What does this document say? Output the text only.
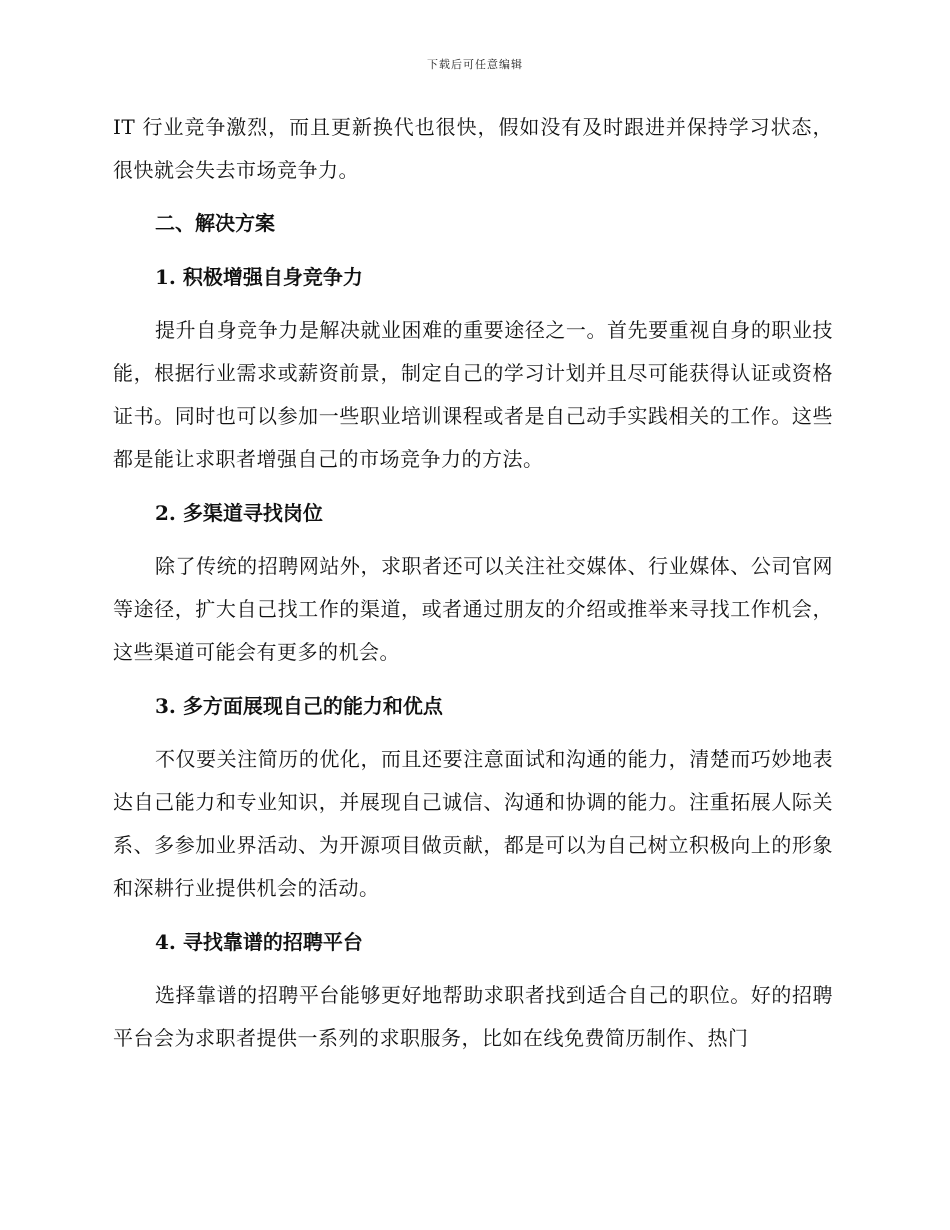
下载后可任意编辑

IT 行业竞争激烈，而且更新换代也很快，假如没有及时跟进并保持学习状态，很快就会失去市场竞争力。

二、解决方案
1. 积极增强自身竞争力

提升自身竞争力是解决就业困难的重要途径之一。首先要重视自身的职业技能，根据行业需求或薪资前景，制定自己的学习计划并且尽可能获得认证或资格证书。同时也可以参加一些职业培训课程或者是自己动手实践相关的工作。这些都是能让求职者增强自己的市场竞争力的方法。

2. 多渠道寻找岗位

除了传统的招聘网站外，求职者还可以关注社交媒体、行业媒体、公司官网等途径，扩大自己找工作的渠道，或者通过朋友的介绍或推举来寻找工作机会，这些渠道可能会有更多的机会。

3. 多方面展现自己的能力和优点

不仅要关注简历的优化，而且还要注意面试和沟通的能力，清楚而巧妙地表达自己能力和专业知识，并展现自己诚信、沟通和协调的能力。注重拓展人际关系、多参加业界活动、为开源项目做贡献，都是可以为自己树立积极向上的形象和深耕行业提供机会的活动。

4. 寻找靠谱的招聘平台

选择靠谱的招聘平台能够更好地帮助求职者找到适合自己的职位。好的招聘平台会为求职者提供一系列的求职服务，比如在线免费简历制作、热门
